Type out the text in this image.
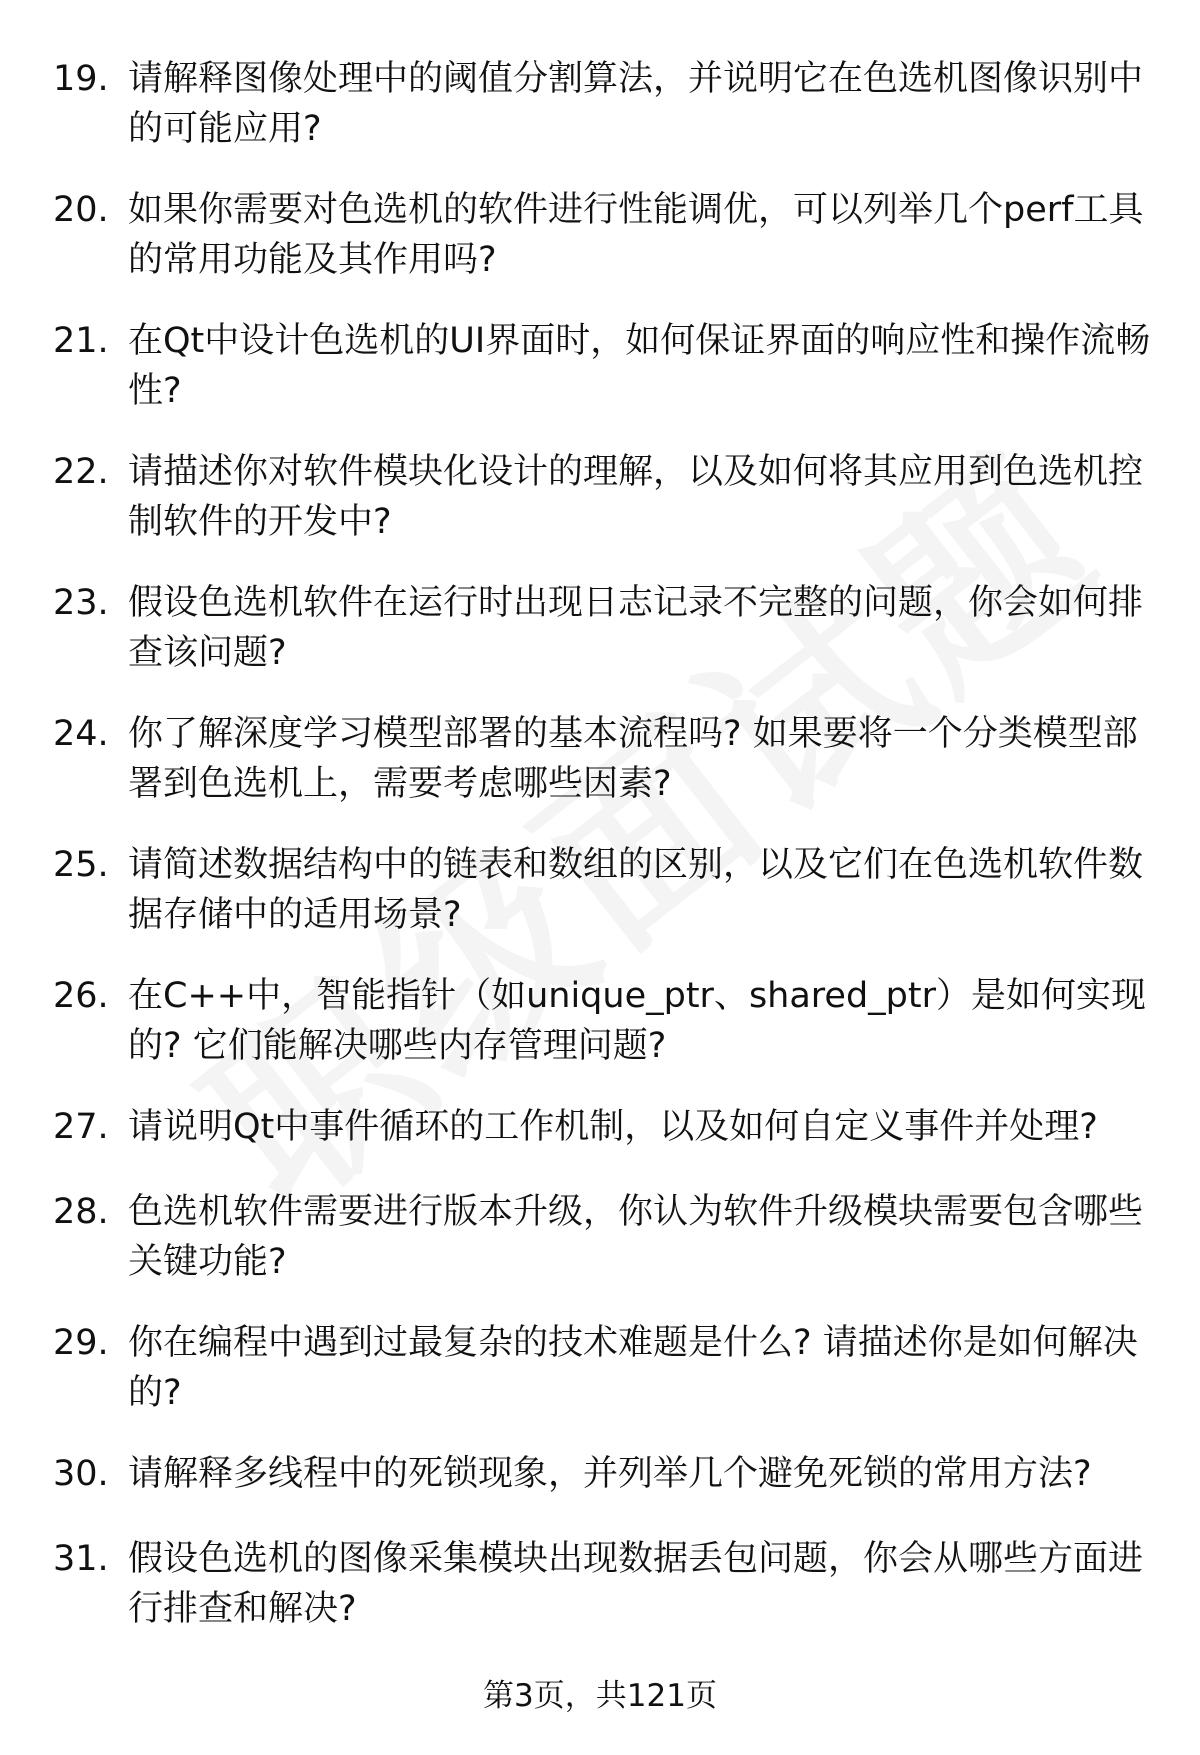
19. 请解释图像处理中的阈值分割算法，并说明它在色选机图像识别中的可能应用?
20. 如果你需要对色选机的软件进行性能调优，可以列举几个perf工具的常用功能及其作用吗?
21. 在Qt中设计色选机的UI界面时，如何保证界面的响应性和操作流畅性?
22. 请描述你对软件模块化设计的理解，以及如何将其应用到色选机控制软件的开发中?
23. 假设色选机软件在运行时出现日志记录不完整的问题，你会如何排查该问题?
24. 你了解深度学习模型部署的基本流程吗? 如果要将一个分类模型部署到色选机上，需要考虑哪些因素?
25. 请简述数据结构中的链表和数组的区别，以及它们在色选机软件数据存储中的适用场景?
26. 在C++中，智能指针（如unique_ptr、shared_ptr）是如何实现的? 它们能解决哪些内存管理问题?
27. 请说明Qt中事件循环的工作机制，以及如何自定义事件并处理?
28. 色选机软件需要进行版本升级，你认为软件升级模块需要包含哪些关键功能?
29. 你在编程中遇到过最复杂的技术难题是什么? 请描述你是如何解决的?
30. 请解释多线程中的死锁现象，并列举几个避免死锁的常用方法?
31. 假设色选机的图像采集模块出现数据丢包问题，你会从哪些方面进行排查和解决?
第3页，共121页
